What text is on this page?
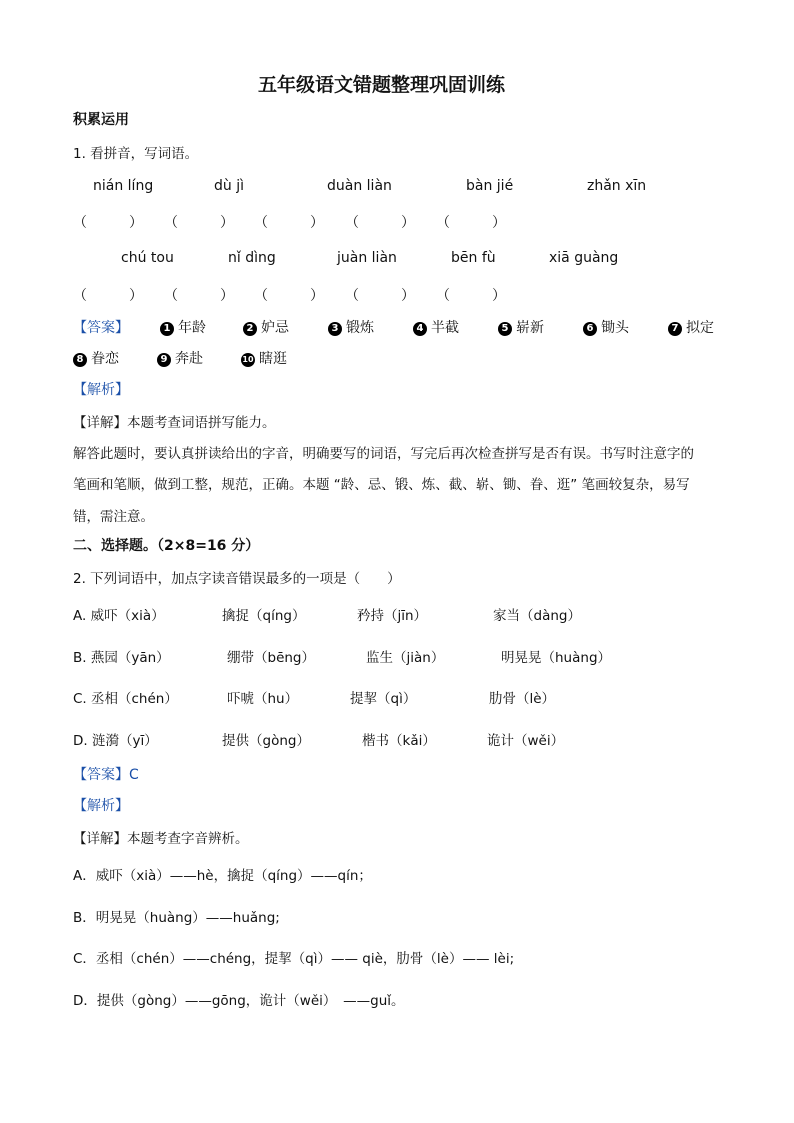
五年级语文错题整理巩固训练
积累运用
1. 看拼音，写词语。
nián líng	dù jì	duàn liàn	bàn jié	zhǎn xīn
（　　　） （　　　） （　　　） （　　　） （　　　）
chú tou	nǐ dìng	juàn liàn	bēn fù	xiā guàng
（　　　） （　　　） （　　　） （　　　） （　　　）
【答案】	1 年龄	2 妒忌	3 锻炼	4 半截	5 崭新	6 锄头	7 拟定
8 眷恋	9 奔赴	10 瞎逛
【解析】
【详解】本题考查词语拼写能力。
解答此题时，要认真拼读给出的字音，明确要写的词语，写完后再次检查拼写是否有误。书写时注意字的
笔画和笔顺，做到工整，规范，正确。本题 “龄、忌、锻、炼、截、崭、锄、眷、逛” 笔画较复杂，易写
错，需注意。
二、选择题。（2×8=16 分）
2. 下列词语中，加点字读音错误最多的一项是（　　）
A. 威吓（xià）	擒捉（qíng）	矜持（jīn）	家当（dàng）
B. 燕园（yān）	绷带（bēng）	监生（jiàn）	明晃晃（huàng）
C. 丞相（chén）	吓唬（hu）	提挈（qì）	肋骨（lè）
D. 涟漪（yī）	提供（gòng）	楷书（kǎi）	诡计（wěi）
【答案】C
【解析】
【详解】本题考查字音辨析。
A．威吓（xià）——hè，擒捉（qíng）——qín；
B．明晃晃（huàng）——huǎng;
C．丞相（chén）——chéng，提挈（qì）—— qiè，肋骨（lè）—— lèi;
D．提供（gòng）——gōng，诡计（wěi）　——guǐ。
